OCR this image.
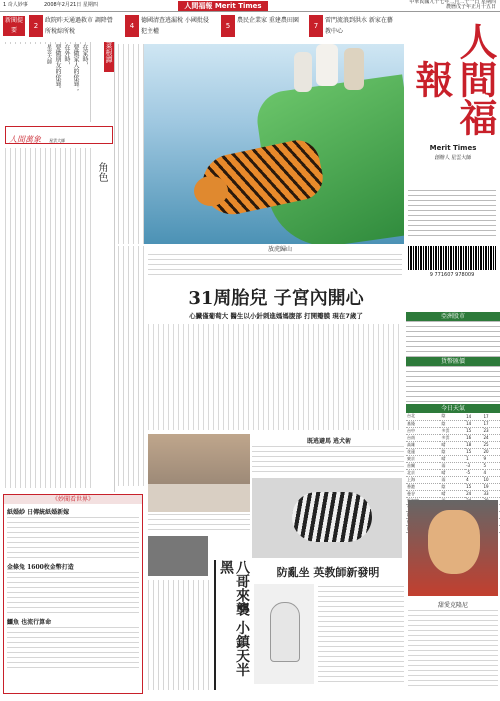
1 奇人妙事	2008年2月21日 星期四	中華民國九十七年二月二十一日 星期四
農曆戊子年正月十五日
人間福報 Merit Times
新聞提要
2政院昨天通過救市 調降營所稅綜所稅
4德國清查逃漏稅 小國批侵犯主權
5農民企業家 重建農田園
7雷門流浪到洪水 新家在藝教中心	人間福報
Merit Times
創辦人 星雲大師
9 771607 978009
亞洲股市
貨幣匯價
今日天氣
台北	陰	14	17
基隆	陰	14	17
台中	多雲	15	23
台南	多雲	16	24
高雄	晴	18	25
花蓮	陰	15	20
東京	晴	1	9
首爾	雨	-3	5
北京	晴	-5	4
上海	雨	4	10
香港	陰	15	19
曼谷	晴	24	33

菜根譚
在家時，
要做家人的依靠；
在外時，
要做朋友的依靠。
星雲大師
人間萬象 星雲大師
角色
放虎歸山
31周胎兒 子宮內開心
心臟僅葡萄大 醫生以小針刺進媽媽腹部 打開瓣膜 現在7歲了
既逃避馬 逃犬術
八哥來襲 小鎮天半黑	防亂坐 英教師新發明
甜愛克隆尼
《妙聞看世界》
紙婚紗 日傳統紙婚新嫁
金條兔 1600枚金幣打造
鱷魚 也流行算命
